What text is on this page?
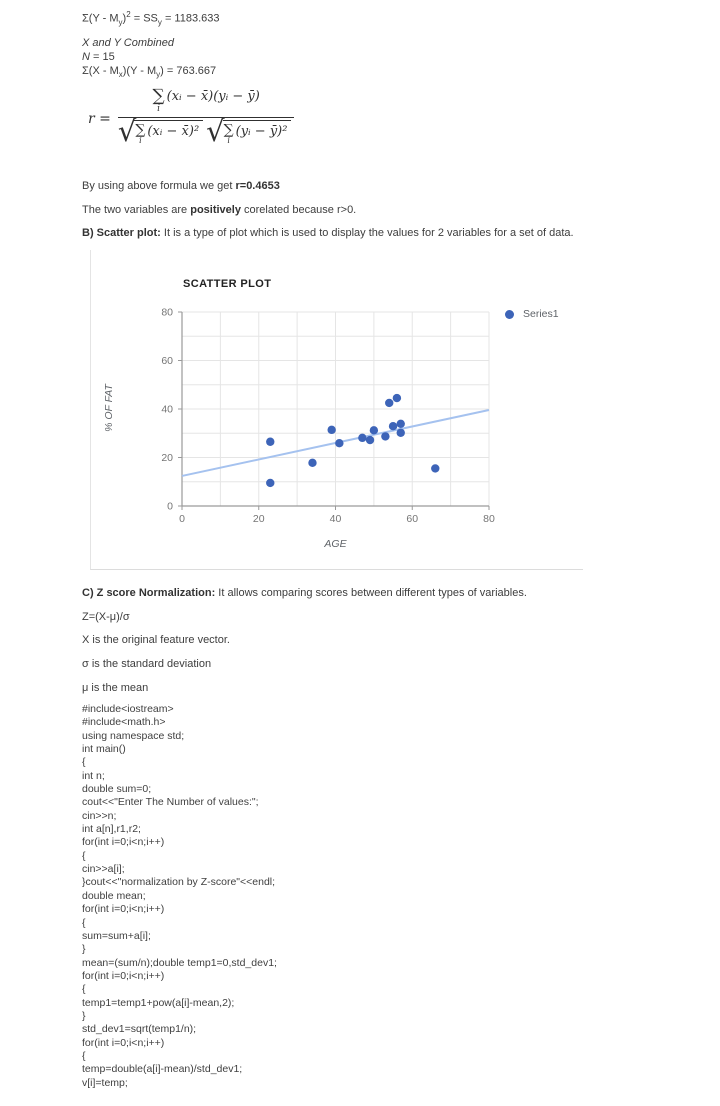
$\Sigma(Y - M_y)^2 = SS_y = 1183.633$
X and Y Combined
N = 15
$\Sigma(X - M_x)(Y - M_y) = 763.667$
r =
∑
i
(xᵢ − x̄)(yᵢ − ȳ)
√ ∑
i
(xᵢ − x̄)² √ ∑
i
(yᵢ − ȳ)²
By using above formula we get r=0.4653
The two variables are positively corelated because r>0.
B) Scatter plot: It is a type of plot which is used to display the values for 2 variables for a set of data.
SCATTER PLOT
Series1
% OF FAT
AGE
0	20	40	60	80
0
20
40
60
80
C) Z score Normalization: It allows comparing scores between different types of variables.
Z=(X-μ)/σ
X is the original feature vector.
σ is the standard deviation
μ is the mean
#include<iostream>
#include<math.h>
using namespace std;
int main()
{
int n;
double sum=0;
cout<<"Enter The Number of values:";
cin>>n;
int a[n],r1,r2;
for(int i=0;i<n;i++)
{
cin>>a[i];
}cout<<"normalization by Z-score"<<endl;
double mean;
for(int i=0;i<n;i++)
{
sum=sum+a[i];
}
mean=(sum/n);double temp1=0,std_dev1;
for(int i=0;i<n;i++)
{
temp1=temp1+pow(a[i]-mean,2);
}
std_dev1=sqrt(temp1/n);
for(int i=0;i<n;i++)
{
temp=double(a[i]-mean)/std_dev1;
v[i]=temp;
